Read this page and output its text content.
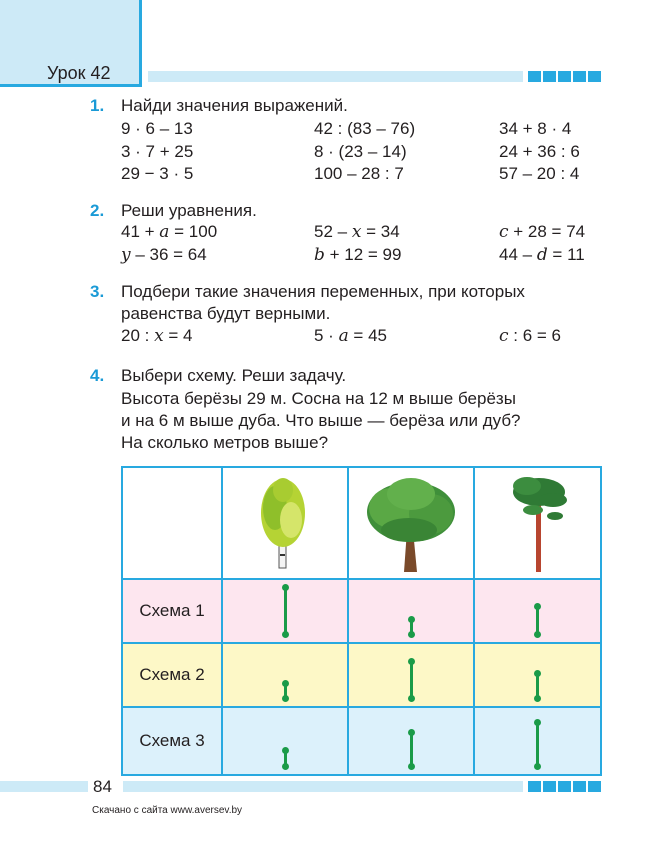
Урок 42
1. Найди значения выражений.
9 · 6 – 13	42 : (83 – 76)	34 + 8 · 4
3 · 7 + 25	8 · (23 – 14)	24 + 36 : 6
29 − 3 · 5	100 – 28 : 7	57 – 20 : 4
2. Реши уравнения.
41 + a = 100	52 – x = 34	c + 28 = 74
y – 36 = 64	b + 12 = 99	44 – d = 11
3. Подбери такие значения переменных, при которых
равенства будут верными.
20 : x = 4	5 · a = 45	c : 6 = 6
4. Выбери схему. Реши задачу.
Высота берёзы 29 м. Сосна на 12 м выше берёзы
и на 6 м выше дуба. Что выше — берёза или дуб?
На сколько метров выше?

Схема 1	

Схема 2	

Схема 3	

84
Скачано с сайта www.aversev.by
